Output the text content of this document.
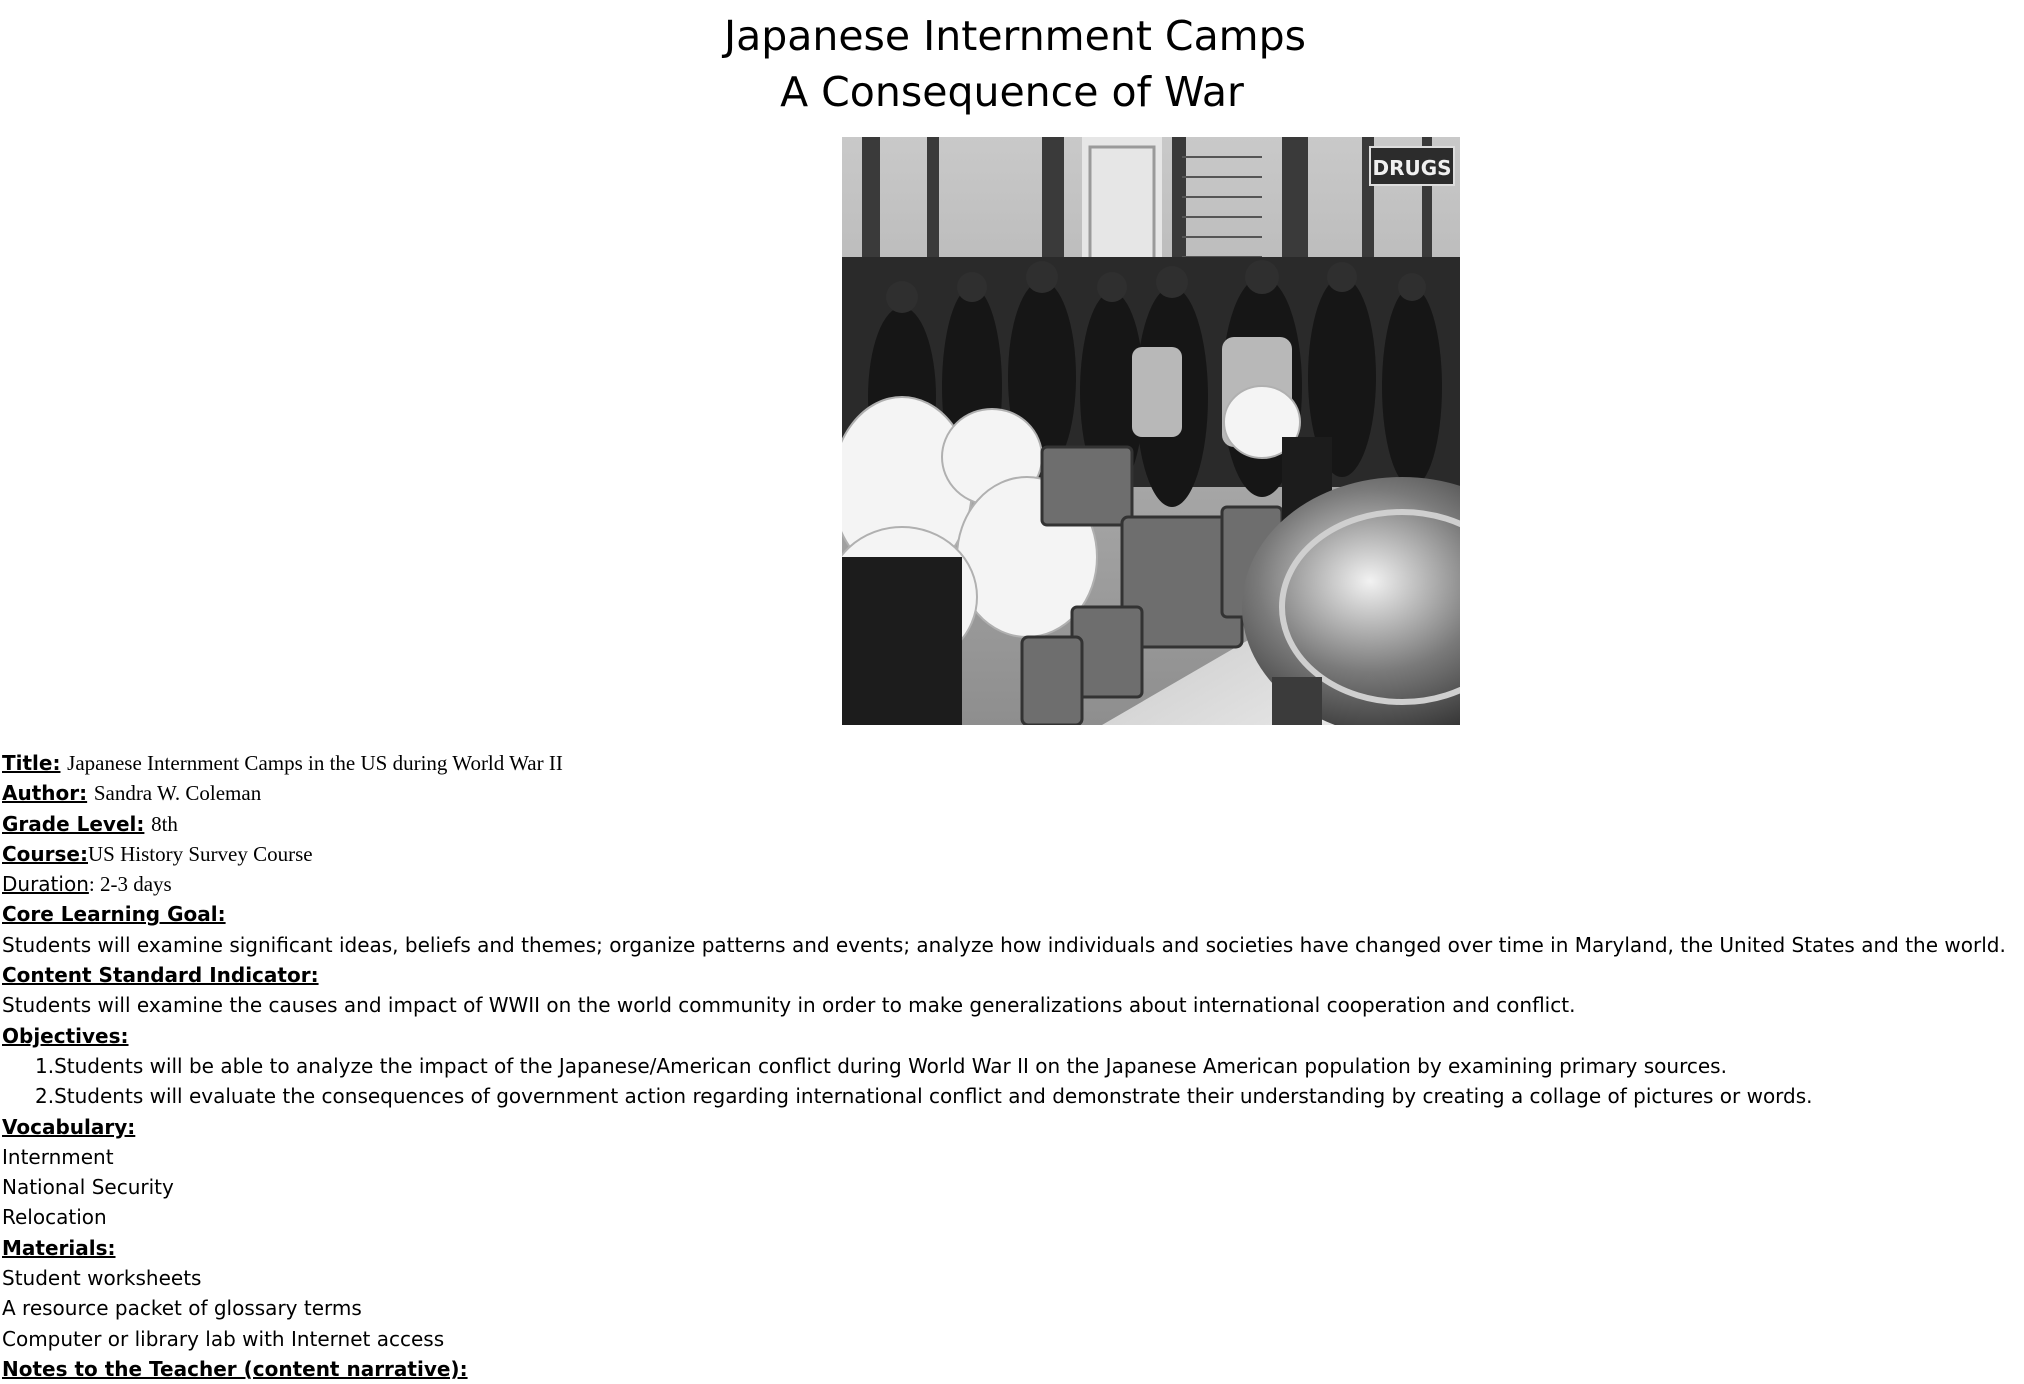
Japanese Internment Camps
A Consequence of War
DRUGS
Title: Japanese Internment Camps in the US during World War II
Author: Sandra W. Coleman
Grade Level: 8th
Course:US History Survey Course
Duration: 2-3 days
Core Learning Goal:
Students will examine significant ideas, beliefs and themes; organize patterns and events; analyze how individuals and societies have changed over time in Maryland, the United States and the world.
Content Standard Indicator:
Students will examine the causes and impact of WWII on the world community in order to make generalizations about international cooperation and conflict.
Objectives:
1.Students will be able to analyze the impact of the Japanese/American conflict during World War II on the Japanese American population by examining primary sources.
2.Students will evaluate the consequences of government action regarding international conflict and demonstrate their understanding by creating a collage of pictures or words.
Vocabulary:
Internment
National Security
Relocation
Materials:
Student worksheets
A resource packet of glossary terms
Computer or library lab with Internet access
Notes to the Teacher (content narrative):
